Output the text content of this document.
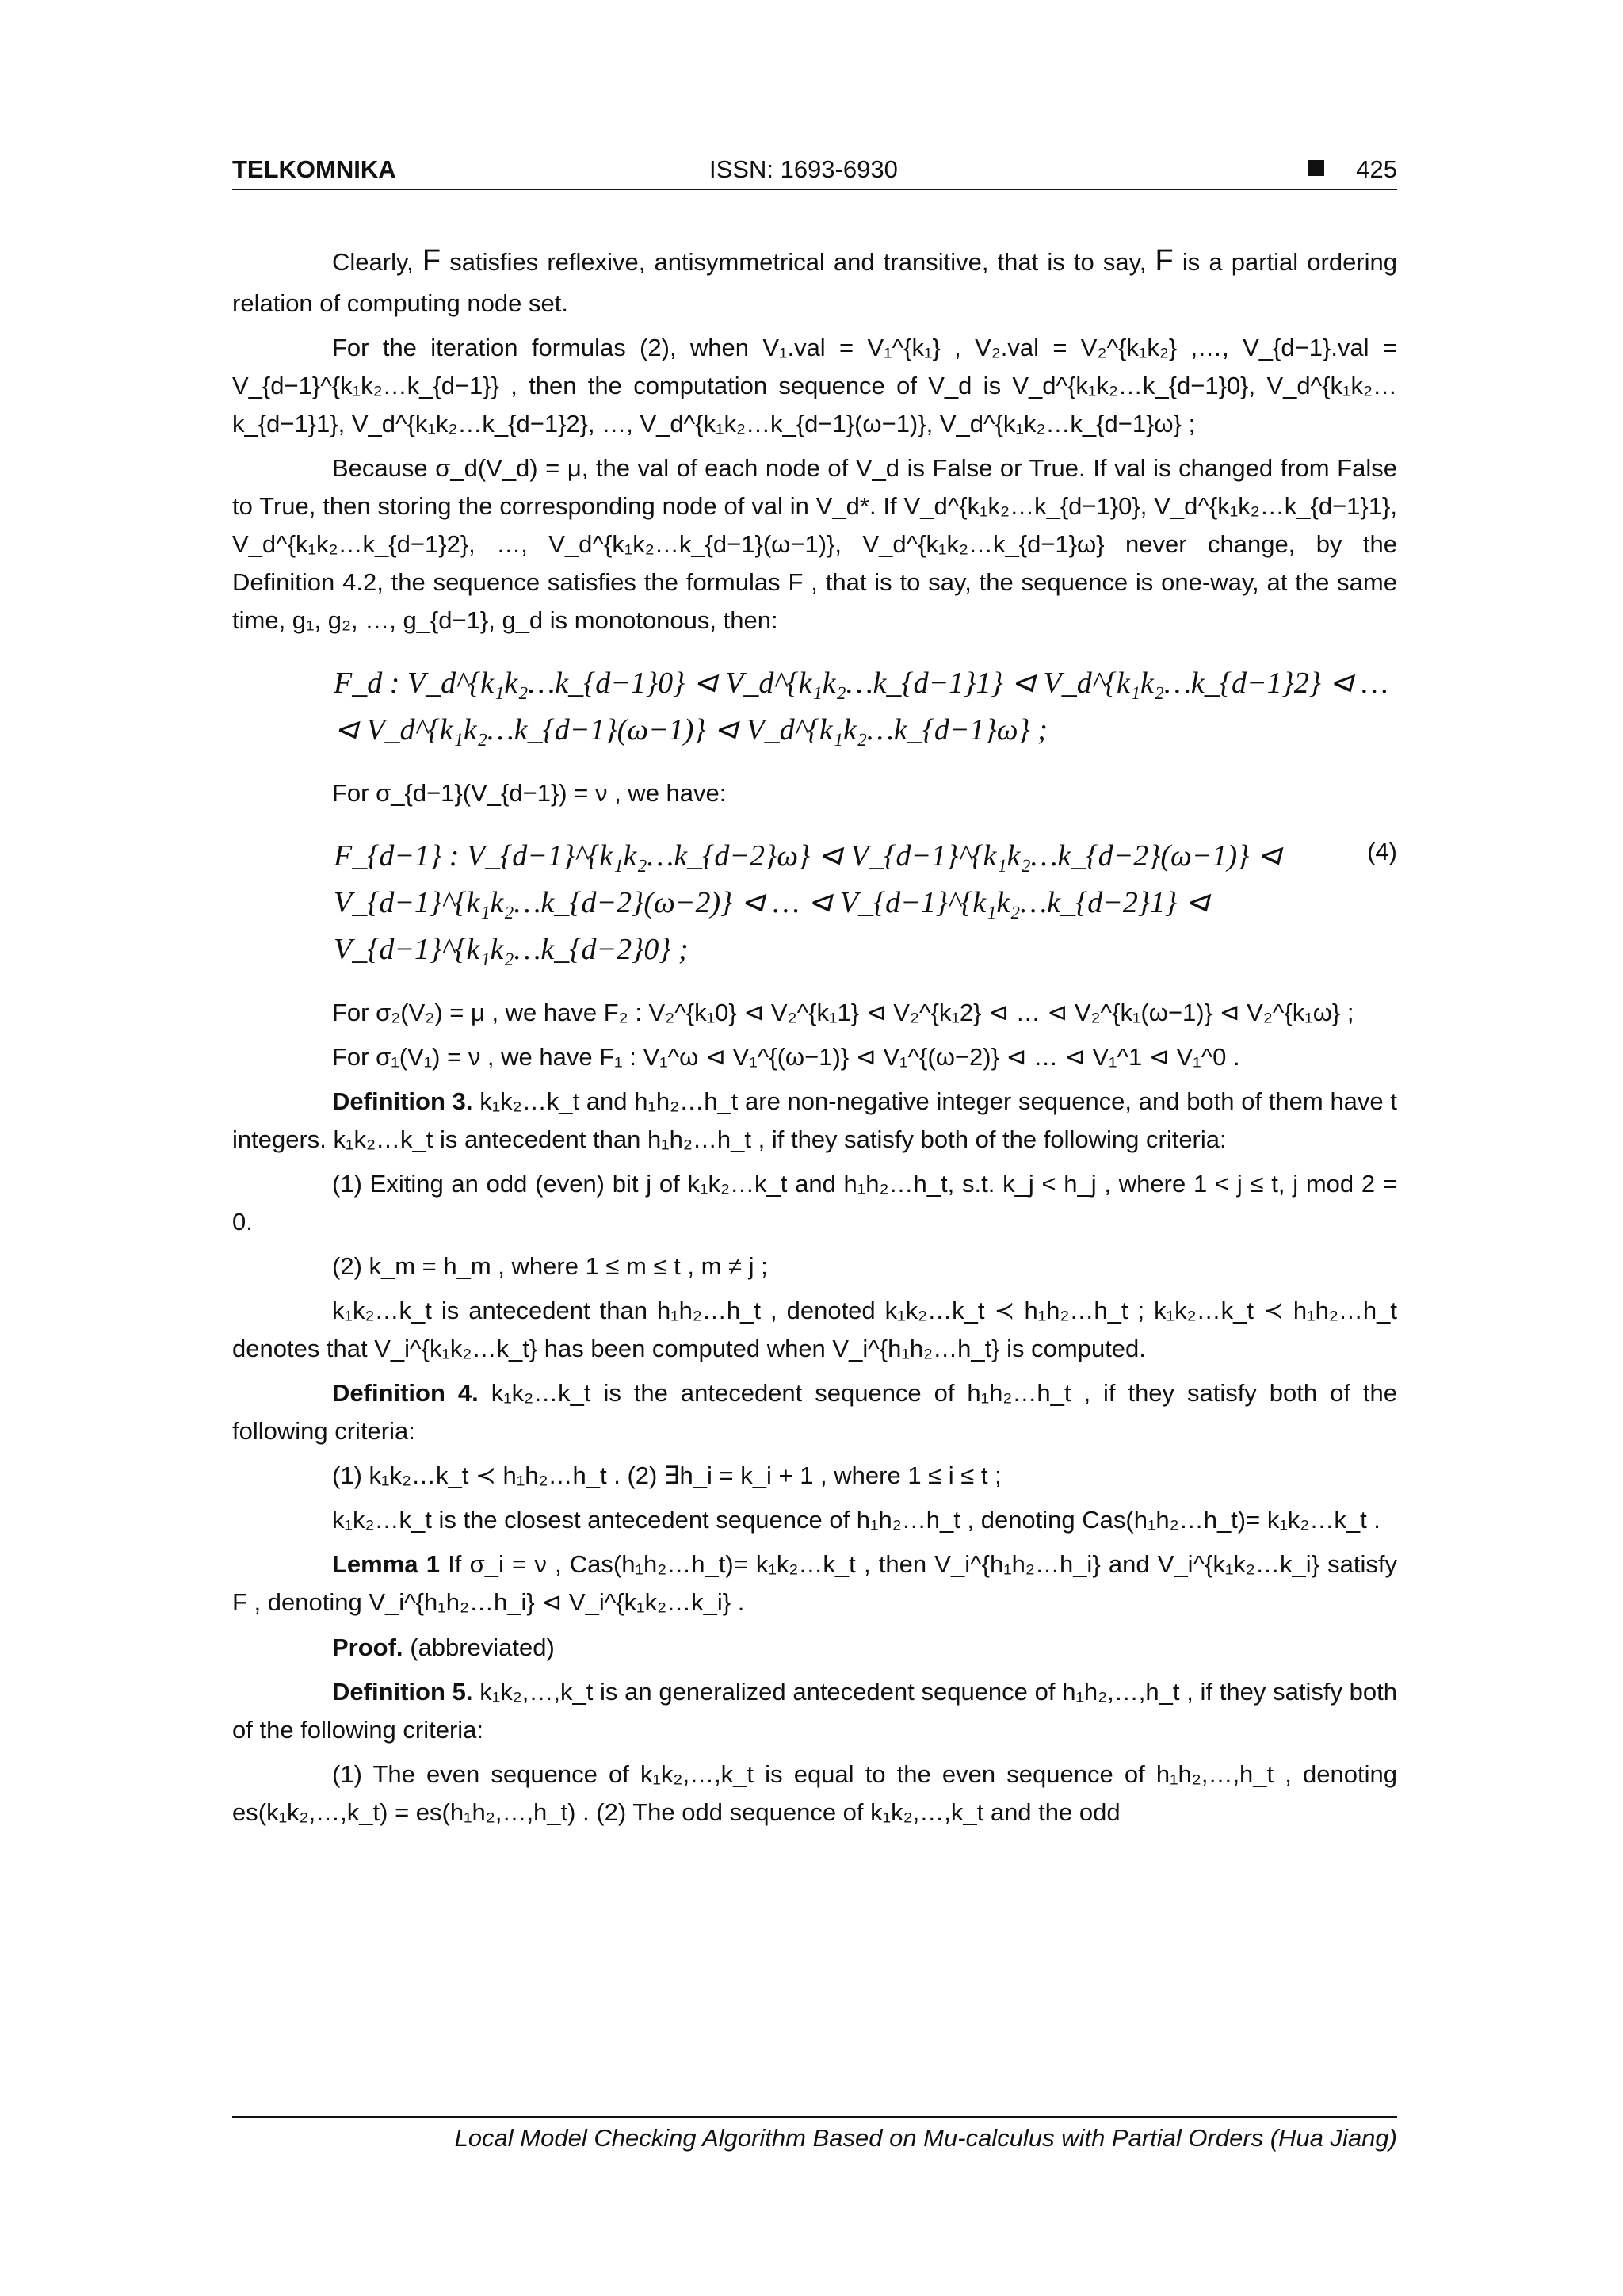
TELKOMNIKA	ISSN: 1693-6930	425

Clearly, F satisfies reflexive, antisymmetrical and transitive, that is to say, F is a partial ordering relation of computing node set.

For the iteration formulas (2), when V₁.val = V₁^{k₁} , V₂.val = V₂^{k₁k₂} ,…, V_{d−1}.val = V_{d−1}^{k₁k₂…k_{d−1}} , then the computation sequence of V_d is V_d^{k₁k₂…k_{d−1}0}, V_d^{k₁k₂…k_{d−1}1}, V_d^{k₁k₂…k_{d−1}2}, …, V_d^{k₁k₂…k_{d−1}(ω−1)}, V_d^{k₁k₂…k_{d−1}ω} ;

Because σ_d(V_d) = μ, the val of each node of V_d is False or True. If val is changed from False to True, then storing the corresponding node of val in V_d*. If V_d^{k₁k₂…k_{d−1}0}, V_d^{k₁k₂…k_{d−1}1}, V_d^{k₁k₂…k_{d−1}2}, …, V_d^{k₁k₂…k_{d−1}(ω−1)}, V_d^{k₁k₂…k_{d−1}ω} never change, by the Definition 4.2, the sequence satisfies the formulas F , that is to say, the sequence is one-way, at the same time, g₁, g₂, …, g_{d−1}, g_d is monotonous, then:

F_d : V_d^{k₁k₂…k_{d−1}0} ⊲ V_d^{k₁k₂…k_{d−1}1} ⊲ V_d^{k₁k₂…k_{d−1}2} ⊲ … ⊲ V_d^{k₁k₂…k_{d−1}(ω−1)} ⊲ V_d^{k₁k₂…k_{d−1}ω} ;

For σ_{d−1}(V_{d−1}) = ν , we have:

F_{d−1} : V_{d−1}^{k₁k₂…k_{d−2}ω} ⊲ V_{d−1}^{k₁k₂…k_{d−2}(ω−1)} ⊲ V_{d−1}^{k₁k₂…k_{d−2}(ω−2)} ⊲ … ⊲ V_{d−1}^{k₁k₂…k_{d−2}1} ⊲ V_{d−1}^{k₁k₂…k_{d−2}0} ;
(4)

For σ₂(V₂) = μ , we have F₂ : V₂^{k₁0} ⊲ V₂^{k₁1} ⊲ V₂^{k₁2} ⊲ … ⊲ V₂^{k₁(ω−1)} ⊲ V₂^{k₁ω} ;

For σ₁(V₁) = ν , we have F₁ : V₁^ω ⊲ V₁^{(ω−1)} ⊲ V₁^{(ω−2)} ⊲ … ⊲ V₁^1 ⊲ V₁^0 .

Definition 3. k₁k₂…k_t and h₁h₂…h_t are non-negative integer sequence, and both of them have t integers. k₁k₂…k_t is antecedent than h₁h₂…h_t , if they satisfy both of the following criteria:

(1) Exiting an odd (even) bit j of k₁k₂…k_t and h₁h₂…h_t, s.t. k_j < h_j , where 1 < j ≤ t, j mod 2 = 0.

(2) k_m = h_m , where 1 ≤ m ≤ t , m ≠ j ;

k₁k₂…k_t is antecedent than h₁h₂…h_t , denoted k₁k₂…k_t ≺ h₁h₂…h_t ; k₁k₂…k_t ≺ h₁h₂…h_t denotes that V_i^{k₁k₂…k_t} has been computed when V_i^{h₁h₂…h_t} is computed.

Definition 4. k₁k₂…k_t is the antecedent sequence of h₁h₂…h_t , if they satisfy both of the following criteria:

(1) k₁k₂…k_t ≺ h₁h₂…h_t . (2) ∃h_i = k_i + 1 , where 1 ≤ i ≤ t ;

k₁k₂…k_t is the closest antecedent sequence of h₁h₂…h_t , denoting Cas(h₁h₂…h_t)= k₁k₂…k_t .

Lemma 1 If σ_i = ν , Cas(h₁h₂…h_t)= k₁k₂…k_t , then V_i^{h₁h₂…h_i} and V_i^{k₁k₂…k_i} satisfy F , denoting V_i^{h₁h₂…h_i} ⊲ V_i^{k₁k₂…k_i} .

Proof. (abbreviated)

Definition 5. k₁k₂,…,k_t is an generalized antecedent sequence of h₁h₂,…,h_t , if they satisfy both of the following criteria:

(1) The even sequence of k₁k₂,…,k_t is equal to the even sequence of h₁h₂,…,h_t , denoting es(k₁k₂,…,k_t) = es(h₁h₂,…,h_t) . (2) The odd sequence of k₁k₂,…,k_t and the odd

Local Model Checking Algorithm Based on Mu-calculus with Partial Orders (Hua Jiang)
